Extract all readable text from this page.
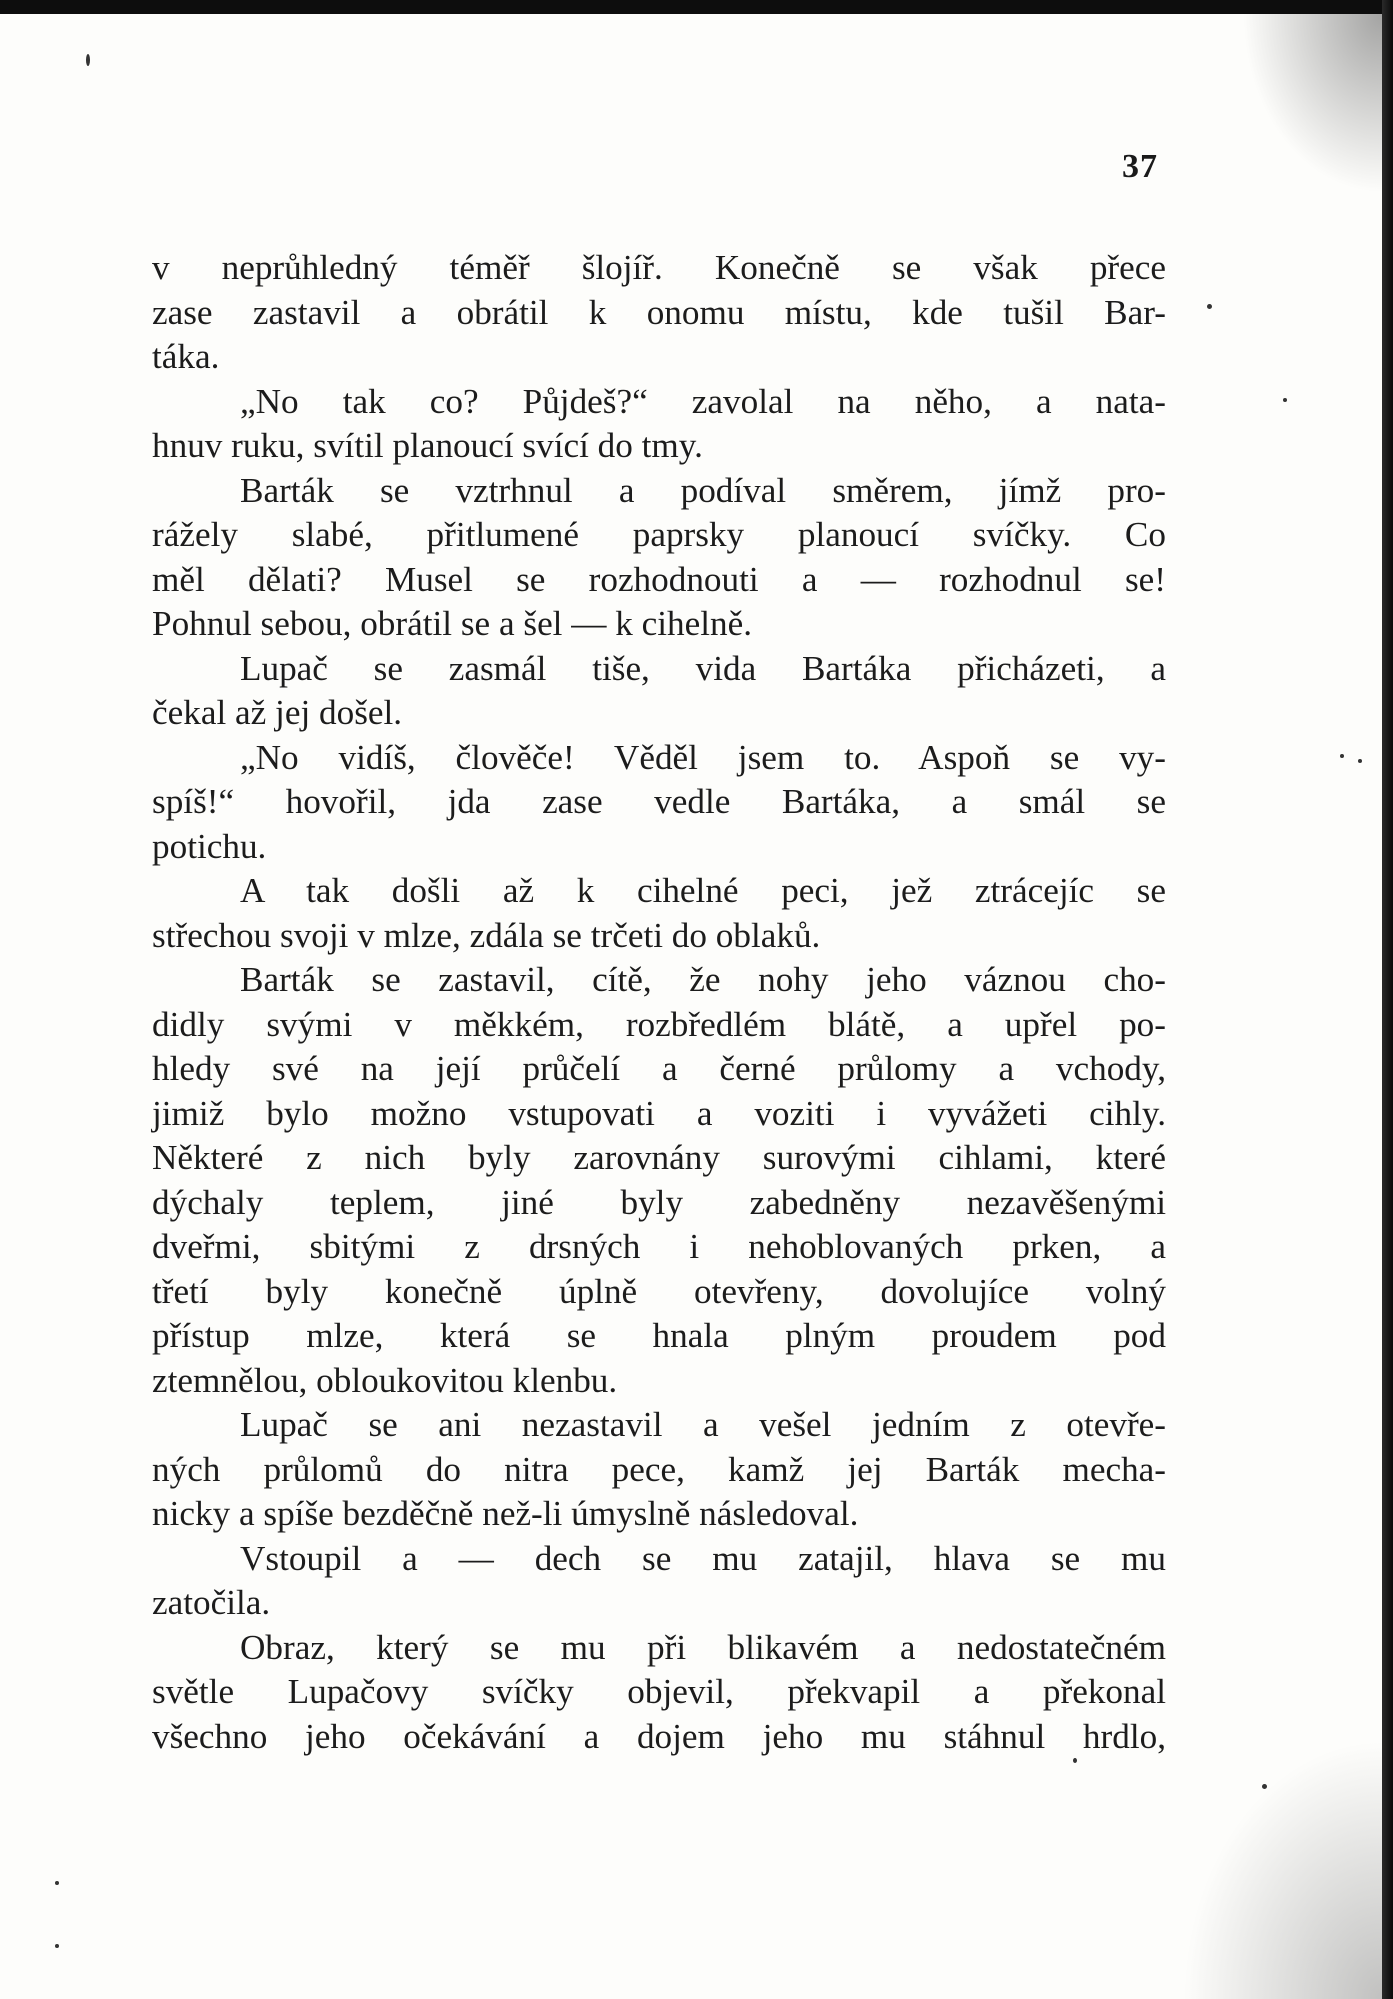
37
v neprůhledný téměř šlojíř. Konečně se však přece
zase zastavil a obrátil k onomu místu, kde tušil Bar-
táka.
„No tak co? Půjdeš?“ zavolal na něho, a nata-
hnuv ruku, svítil planoucí svící do tmy.
Barták se vztrhnul a podíval směrem, jímž pro-
rážely slabé, přitlumené paprsky planoucí svíčky. Co
měl dělati? Musel se rozhodnouti a — rozhodnul se!
Pohnul sebou, obrátil se a šel — k cihelně.
Lupač se zasmál tiše, vida Bartáka přicházeti, a
čekal až jej došel.
„No vidíš, člověče! Věděl jsem to. Aspoň se vy-
spíš!“ hovořil, jda zase vedle Bartáka, a smál se
potichu.
A tak došli až k cihelné peci, jež ztrácejíc se
střechou svoji v mlze, zdála se trčeti do oblaků.
Barták se zastavil, cítě, že nohy jeho váznou cho-
didly svými v měkkém, rozbředlém blátě, a upřel po-
hledy své na její průčelí a černé průlomy a vchody,
jimiž bylo možno vstupovati a voziti i vyvážeti cihly.
Některé z nich byly zarovnány surovými cihlami, které
dýchaly teplem, jiné byly zabedněny nezavěšenými
dveřmi, sbitými z drsných i nehoblovaných prken, a
třetí byly konečně úplně otevřeny, dovolujíce volný
přístup mlze, která se hnala plným proudem pod
ztemnělou, obloukovitou klenbu.
Lupač se ani nezastavil a vešel jedním z otevře-
ných průlomů do nitra pece, kamž jej Barták mecha-
nicky a spíše bezděčně než-li úmyslně následoval.
Vstoupil a — dech se mu zatajil, hlava se mu
zatočila.
Obraz, který se mu při blikavém a nedostatečném
světle Lupačovy svíčky objevil, překvapil a překonal
všechno jeho očekávání a dojem jeho mu stáhnul hrdlo,
